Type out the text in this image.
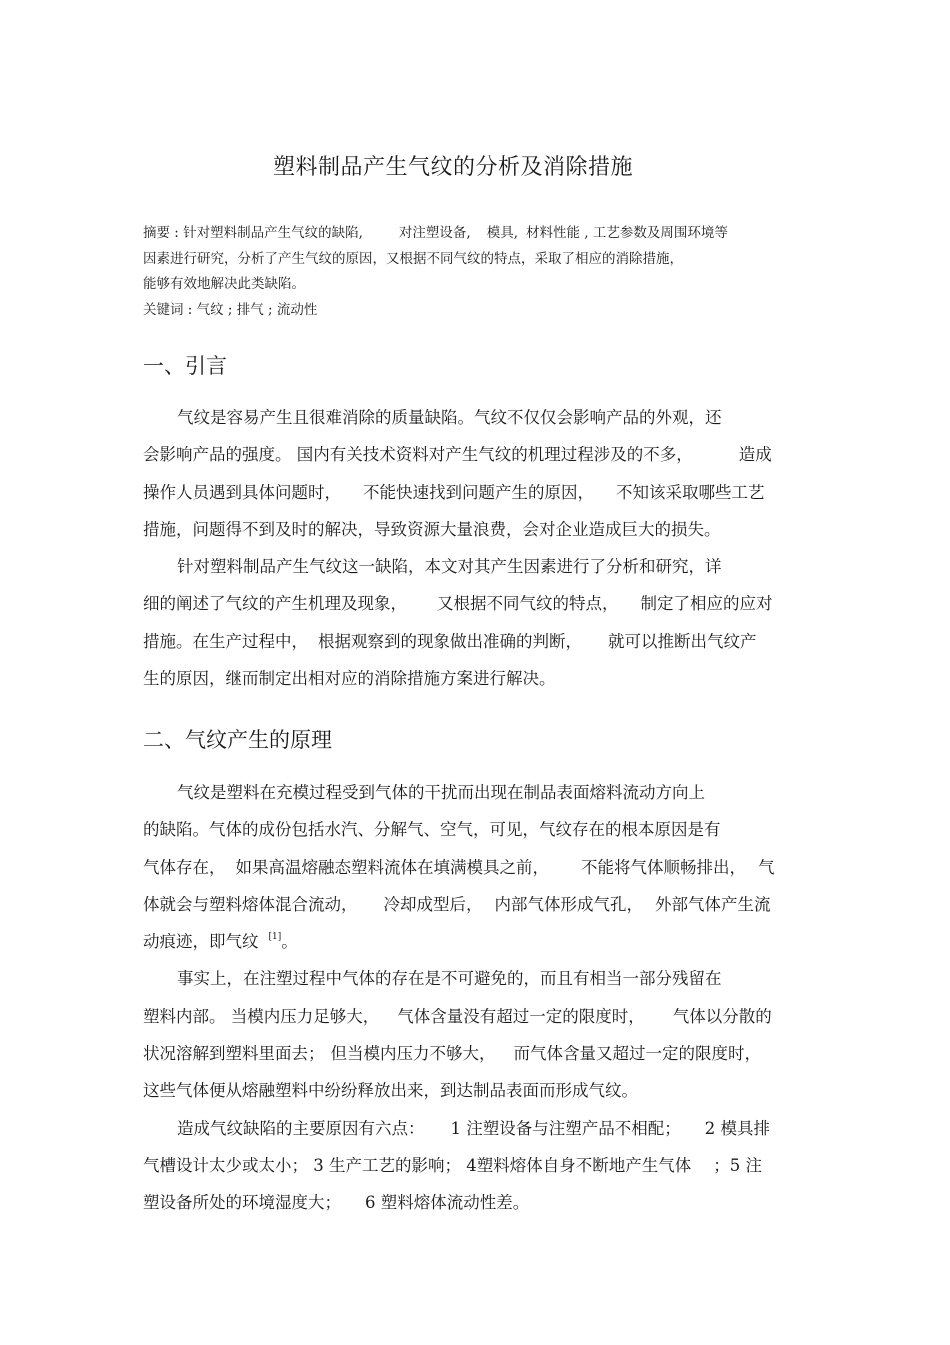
塑料制品产生气纹的分析及消除措施
摘要 : 针对塑料制品产生气纹的缺陷,	对注塑设备, 模具, 材料性能 , 工艺参数及周围环境等
因素进行研究，分析了产生气纹的原因，又根据不同气纹的特点，采取了相应的消除措施，
能够有效地解决此类缺陷。
关键词 : 气纹 ; 排气 ; 流动性
一、引言
气纹是容易产生且很难消除的质量缺陷。气纹不仅仅会影响产品的外观，还
会影响产品的强度。 国内有关技术资料对产生气纹的机理过程涉及的不多，	造成
操作人员遇到具体问题时， 不能快速找到问题产生的原因， 不知该采取哪些工艺
措施，问题得不到及时的解决，导致资源大量浪费，会对企业造成巨大的损失。
针对塑料制品产生气纹这一缺陷，本文对其产生因素进行了分析和研究，详
细的阐述了气纹的产生机理及现象， 又根据不同气纹的特点， 制定了相应的应对
措施。在生产过程中， 根据观察到的现象做出准确的判断， 就可以推断出气纹产
生的原因，继而制定出相对应的消除措施方案进行解决。
二、气纹产生的原理
气纹是塑料在充模过程受到气体的干扰而出现在制品表面熔料流动方向上
的缺陷。气体的成份包括水汽、分解气、空气，可见，气纹存在的根本原因是有
气体存在， 如果高温熔融态塑料流体在填满模具之前， 不能将气体顺畅排出， 气
体就会与塑料熔体混合流动， 冷却成型后， 内部气体形成气孔， 外部气体产生流
动痕迹，即气纹 [1]。
事实上，在注塑过程中气体的存在是不可避免的，而且有相当一部分残留在
塑料内部。 当模内压力足够大， 气体含量没有超过一定的限度时， 气体以分散的
状况溶解到塑料里面去； 但当模内压力不够大， 而气体含量又超过一定的限度时，
这些气体便从熔融塑料中纷纷释放出来，到达制品表面而形成气纹。
造成气纹缺陷的主要原因有六点： 1 注塑设备与注塑产品不相配； 2 模具排
气槽设计太少或太小； 3 生产工艺的影响； 4塑料熔体自身不断地产生气体 ；5 注
塑设备所处的环境湿度大； 6 塑料熔体流动性差。
